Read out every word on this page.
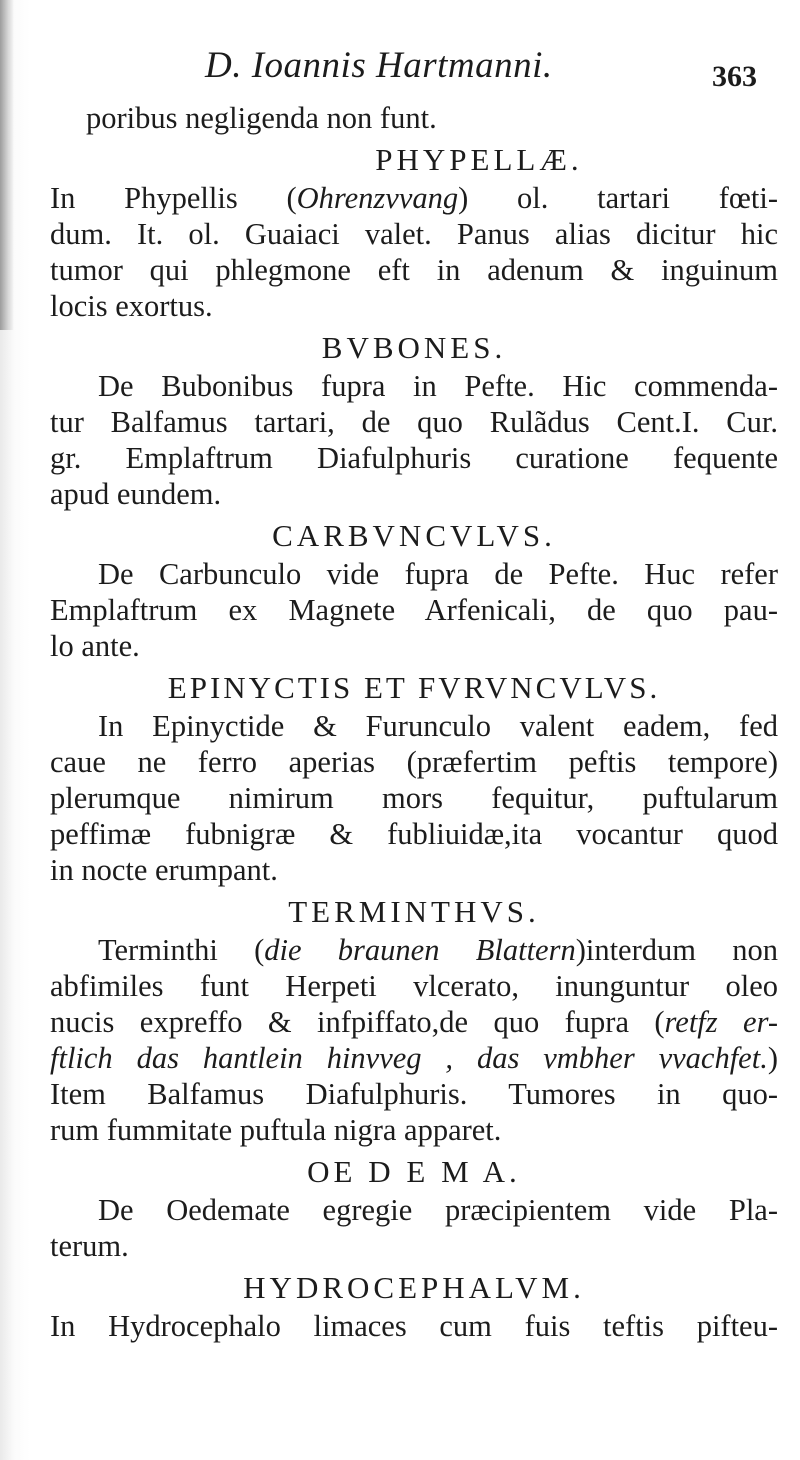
D. Ioannis Hartmanni.	363
poribus negligenda non funt.
PHYPELLÆ.
In Phypellis (Ohrenzvvang) ol. tartari fœti-
dum. It. ol. Guaiaci valet. Panus alias dicitur hic
tumor qui phlegmone eft in adenum & inguinum
locis exortus.
BVBONES.
De Bubonibus fupra in Pefte. Hic commenda-
tur Balfamus tartari, de quo Rulãdus Cent.I. Cur.
gr. Emplaftrum Diafulphuris curatione fequente
apud eundem.
CARBVNCVLVS.
De Carbunculo vide fupra de Pefte. Huc refer
Emplaftrum ex Magnete Arfenicali, de quo pau-
lo ante.
EPINYCTIS ET FVRVNCVLVS.
In Epinyctide & Furunculo valent eadem, fed
caue ne ferro aperias (præfertim peftis tempore)
plerumque nimirum mors fequitur, puftularum
peffimæ fubnigræ & fubliuidæ,ita vocantur quod
in nocte erumpant.
TERMINTHVS.
Terminthi (die braunen Blattern)interdum non
abfimiles funt Herpeti vlcerato, inunguntur oleo
nucis expreffo & infpiffato,de quo fupra (retfz er-
ftlich das hantlein hinvveg , das vmbher vvachfet.)
Item Balfamus Diafulphuris. Tumores in quo-
rum fummitate puftula nigra apparet.
OE D E M A.
De Oedemate egregie præcipientem vide Pla-
terum.
HYDROCEPHALVM.
In Hydrocephalo limaces cum fuis teftis pifteu-
